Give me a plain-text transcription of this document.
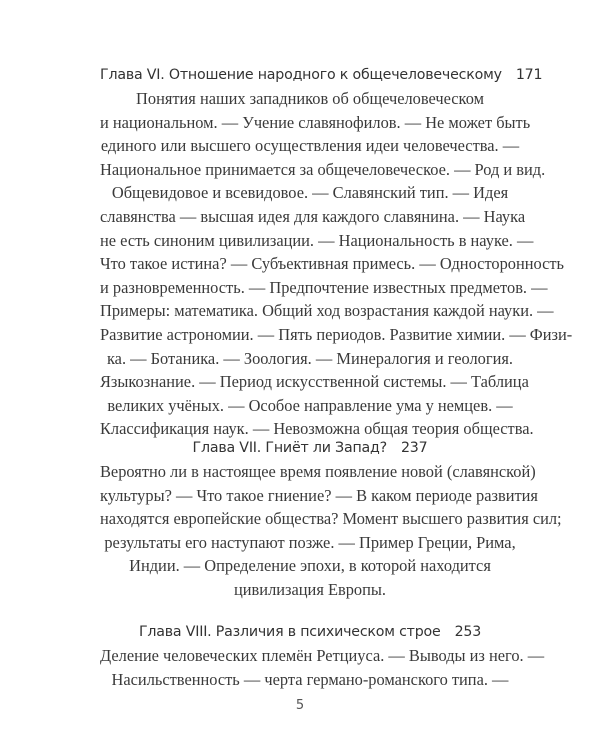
Глава VI. Отношение народного к общечеловеческому 171
Понятия наших западников об общечеловеческом
и национальном. — Учение славянофилов. — Не может быть
единого или высшего осуществления идеи человечества. —
Национальное принимается за общечеловеческое. — Род и вид.
Общевидовое и всевидовое. — Славянский тип. — Идея
славянства — высшая идея для каждого славянина. — Наука
не есть синоним цивилизации. — Национальность в науке. —
Что такое истина? — Субъективная примесь. — Односторонность
и разновременность. — Предпочтение известных предметов. —
Примеры: математика. Общий ход возрастания каждой науки. —
Развитие астрономии. — Пять периодов. Развитие химии. — Физи-
ка. — Ботаника. — Зоология. — Минералогия и геология.
Языкознание. — Период искусственной системы. — Таблица
великих учёных. — Особое направление ума у немцев. —
Классификация наук. — Невозможна общая теория общества.
Глава VII. Гниёт ли Запад? 237
Вероятно ли в настоящее время появление новой (славянской)
культуры? — Что такое гниение? — В каком периоде развития
находятся европейские общества? Момент высшего развития сил;
результаты его наступают позже. — Пример Греции, Рима,
Индии. — Определение эпохи, в которой находится
цивилизация Европы.
Глава VIII. Различия в психическом строе 253
Деление человеческих племён Ретциуса. — Выводы из него. —
Насильственность — черта германо-романского типа. —
5
